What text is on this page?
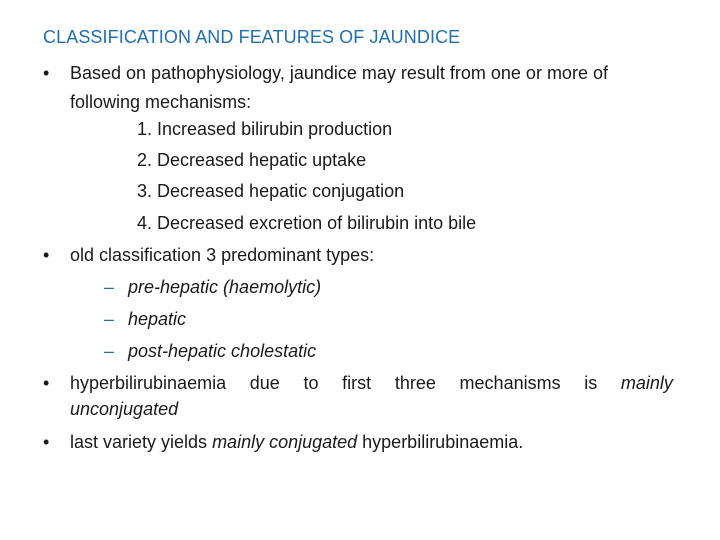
CLASSIFICATION AND FEATURES OF JAUNDICE
• Based on pathophysiology, jaundice may result from one or more of
following mechanisms:
1. Increased bilirubin production
2. Decreased hepatic uptake
3. Decreased hepatic conjugation
4. Decreased excretion of bilirubin into bile
• old classification 3 predominant types:
– pre-hepatic (haemolytic)
– hepatic
– post-hepatic cholestatic
• hyperbilirubinaemia due to first three mechanisms is mainly
unconjugated
• last variety yields mainly conjugated hyperbilirubinaemia.
